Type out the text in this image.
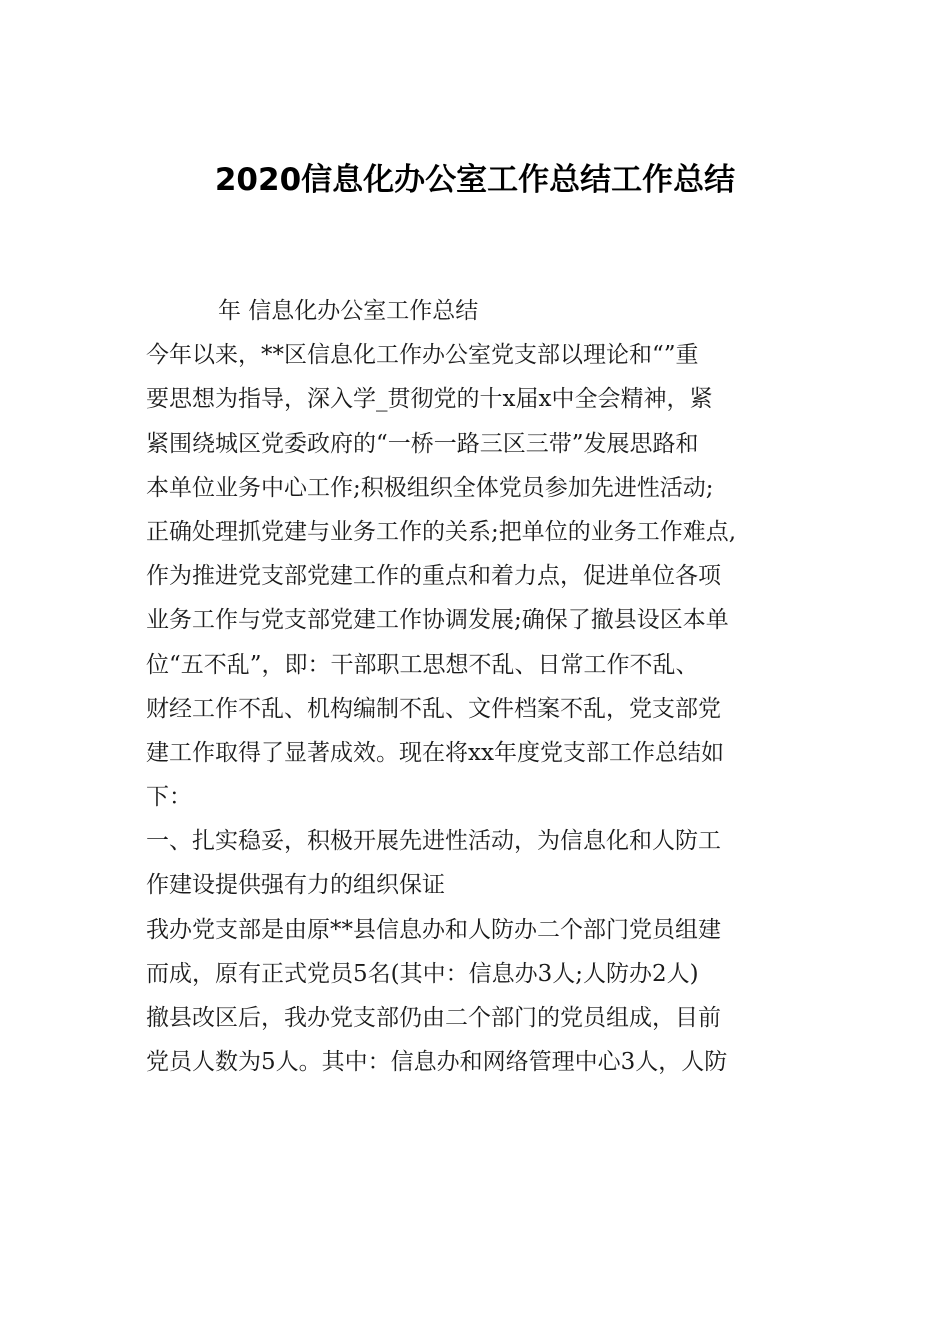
2020信息化办公室工作总结工作总结
年 信息化办公室工作总结
今年以来，**区信息化工作办公室党支部以理论和“”重
要思想为指导，深入学_贯彻党的十x届x中全会精神，紧
紧围绕城区党委政府的“一桥一路三区三带”发展思路和
本单位业务中心工作;积极组织全体党员参加先进性活动;
正确处理抓党建与业务工作的关系;把单位的业务工作难点,
作为推进党支部党建工作的重点和着力点，促进单位各项
业务工作与党支部党建工作协调发展;确保了撤县设区本单
位“五不乱”，即：干部职工思想不乱、日常工作不乱、
财经工作不乱、机构编制不乱、文件档案不乱，党支部党
建工作取得了显著成效。现在将xx年度党支部工作总结如
下：
一、扎实稳妥，积极开展先进性活动，为信息化和人防工
作建设提供强有力的组织保证
我办党支部是由原**县信息办和人防办二个部门党员组建
而成，原有正式党员5名(其中：信息办3人;人防办2人)
撤县改区后，我办党支部仍由二个部门的党员组成，目前
党员人数为5人。其中：信息办和网络管理中心3人，人防
